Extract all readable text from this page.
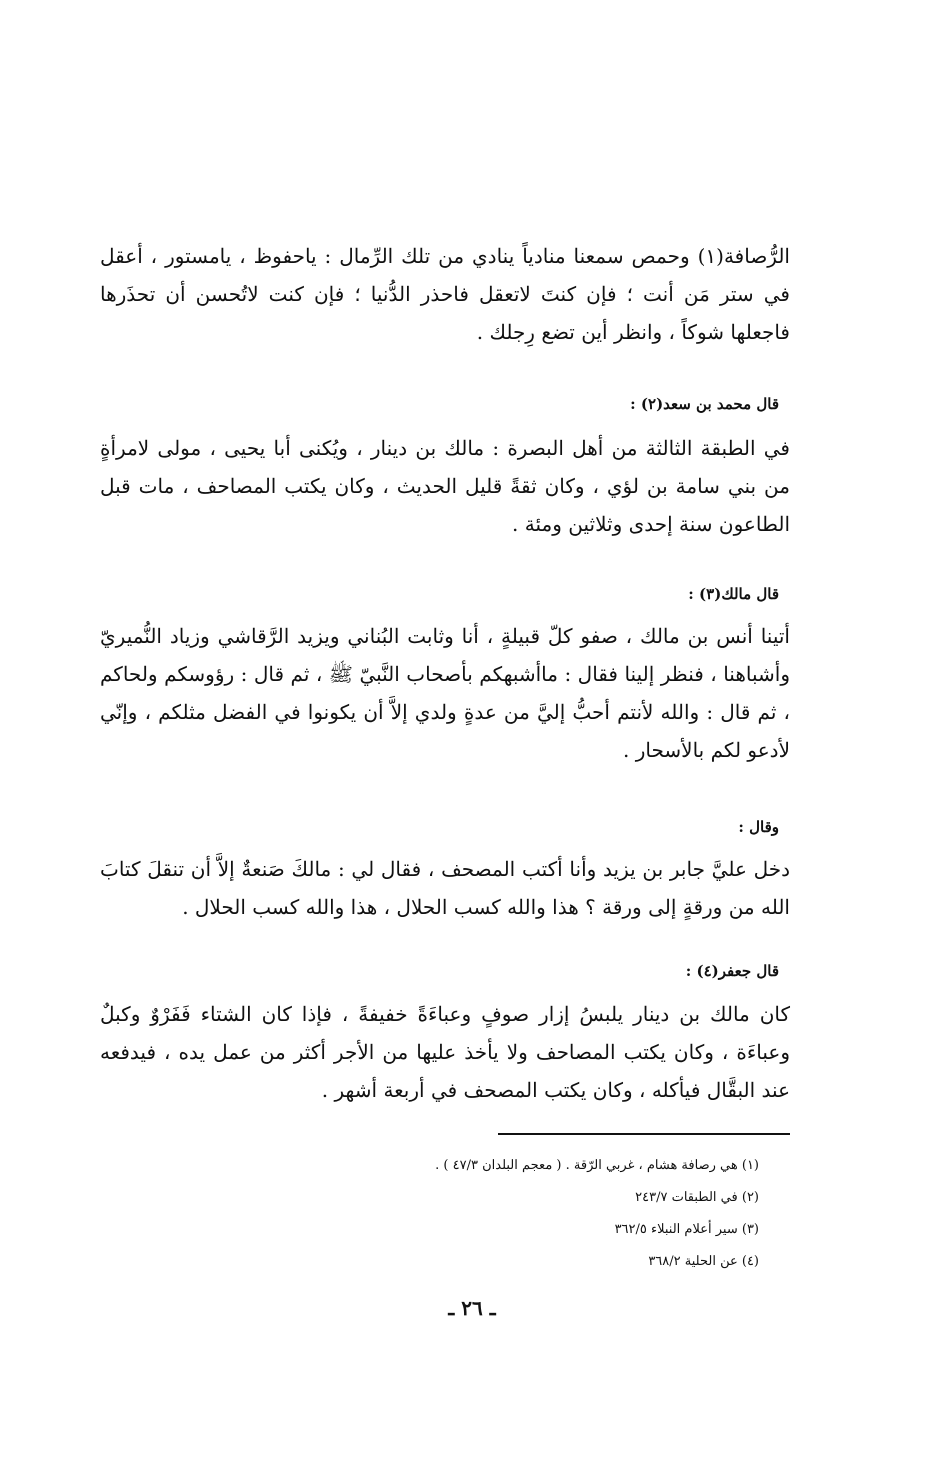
الرُّصافة(١) وحمص سمعنا منادياً ينادي من تلك الرِّمال : ياحفوظ ، يامستور ، أعقل في ستر مَن أنت ؛ فإن كنتَ لاتعقل فاحذر الدُّنيا ؛ فإن كنت لاتُحسن أن تحذَرها فاجعلها شوكاً ، وانظر أين تضع رِجلك .

قال محمد بن سعد(٢) :

في الطبقة الثالثة من أهل البصرة : مالك بن دينار ، ويُكنى أبا يحيى ، مولى لامرأةٍ من بني سامة بن لؤي ، وكان ثقةً قليل الحديث ، وكان يكتب المصاحف ، مات قبل الطاعون سنة إحدى وثلاثين ومئة .

قال مالك(٣) :

أتينا أنس بن مالك ، صفو كلّ قبيلةٍ ، أنا وثابت البُناني ويزيد الرَّقاشي وزياد النُّميريّ وأشباهنا ، فنظر إلينا فقال : ماأشبهكم بأصحاب النَّبيّ ﷺ ، ثم قال : رؤوسكم ولحاكم ، ثم قال : والله لأنتم أحبُّ إليَّ من عدةٍ ولدي إلاَّ أن يكونوا في الفضل مثلكم ، وإنّي لأدعو لكم بالأسحار .

وقال :

دخل عليَّ جابر بن يزيد وأنا أكتب المصحف ، فقال لي : مالكَ صَنعةٌ إلاَّ أن تنقلَ كتابَ الله من ورقةٍ إلى ورقة ؟ هذا والله كسب الحلال ، هذا والله كسب الحلال .

قال جعفر(٤) :

كان مالك بن دينار يلبسُ إزار صوفٍ وعباءَةً خفيفةً ، فإذا كان الشتاء فَفَرْوٌ وكبلٌ وعباءَة ، وكان يكتب المصاحف ولا يأخذ عليها من الأجر أكثر من عمل يده ، فيدفعه عند البقَّال فيأكله ، وكان يكتب المصحف في أربعة أشهر .

(١) هي رصافة هشام ، غربي الرّقة . ( معجم البلدان ٤٧/٣ ) .

(٢) في الطبقات ٢٤٣/٧

(٣) سير أعلام النبلاء ٣٦٢/٥

(٤) عن الحلية ٣٦٨/٢

ـ ٢٦ ـ
